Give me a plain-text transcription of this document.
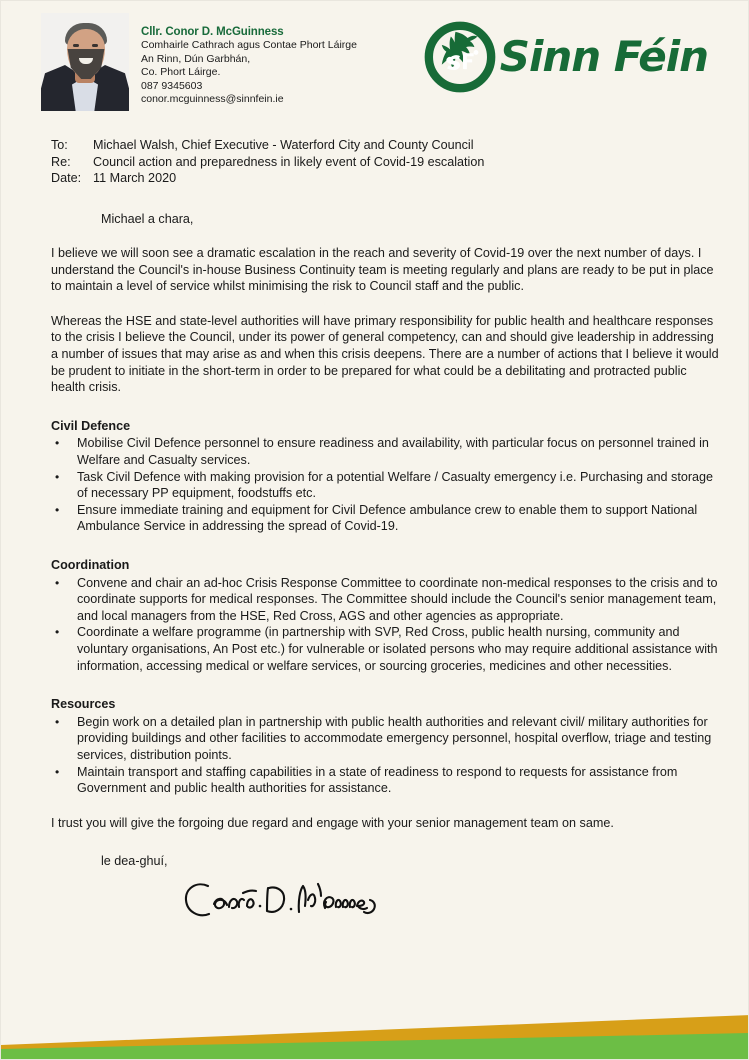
Cllr. Conor D. McGuinness
Comhairle Cathrach agus Contae Phort Láirge
An Rinn, Dún Garbhán,
Co. Phort Láirge.
087 9345603
conor.mcguinness@sinnfein.ie
Sinn Féin
To:	Michael Walsh, Chief Executive - Waterford City and County Council
Re:	Council action and preparedness in likely event of Covid-19 escalation
Date: 11 March 2020
Michael a chara,

I believe we will soon see a dramatic escalation in the reach and severity of Covid-19 over the next number of days. I understand the Council's in-house Business Continuity team is meeting regularly and plans are ready to be put in place to maintain a level of service whilst minimising the risk to Council staff and the public.

Whereas the HSE and state-level authorities will have primary responsibility for public health and healthcare responses to the crisis I believe the Council, under its power of general competency, can and should give leadership in addressing a number of issues that may arise as and when this crisis deepens. There are a number of actions that I believe it would be prudent to initiate in the short-term in order to be prepared for what could be a debilitating and protracted public health crisis.

Civil Defence
• Mobilise Civil Defence personnel to ensure readiness and availability, with particular focus on personnel trained in Welfare and Casualty services.
• Task Civil Defence with making provision for a potential Welfare / Casualty emergency i.e. Purchasing and storage of necessary PP equipment, foodstuffs etc.
• Ensure immediate training and equipment for Civil Defence ambulance crew to enable them to support National Ambulance Service in addressing the spread of Covid-19.
Coordination
• Convene and chair an ad-hoc Crisis Response Committee to coordinate non-medical responses to the crisis and to coordinate supports for medical responses. The Committee should include the Council's senior management team, and local managers from the HSE, Red Cross, AGS and other agencies as appropriate.
• Coordinate a welfare programme (in partnership with SVP, Red Cross, public health nursing, community and voluntary organisations, An Post etc.) for vulnerable or isolated persons who may require additional assistance with information, accessing medical or welfare services, or sourcing groceries, medicines and other necessities.
Resources
• Begin work on a detailed plan in partnership with public health authorities and relevant civil/ military authorities for providing buildings and other facilities to accommodate emergency personnel, hospital overflow, triage and testing services, distribution points.
• Maintain transport and staffing capabilities in a state of readiness to respond to requests for assistance from Government and public health authorities for assistance.

I trust you will give the forgoing due regard and engage with your senior management team on same.

le dea-ghuí,
